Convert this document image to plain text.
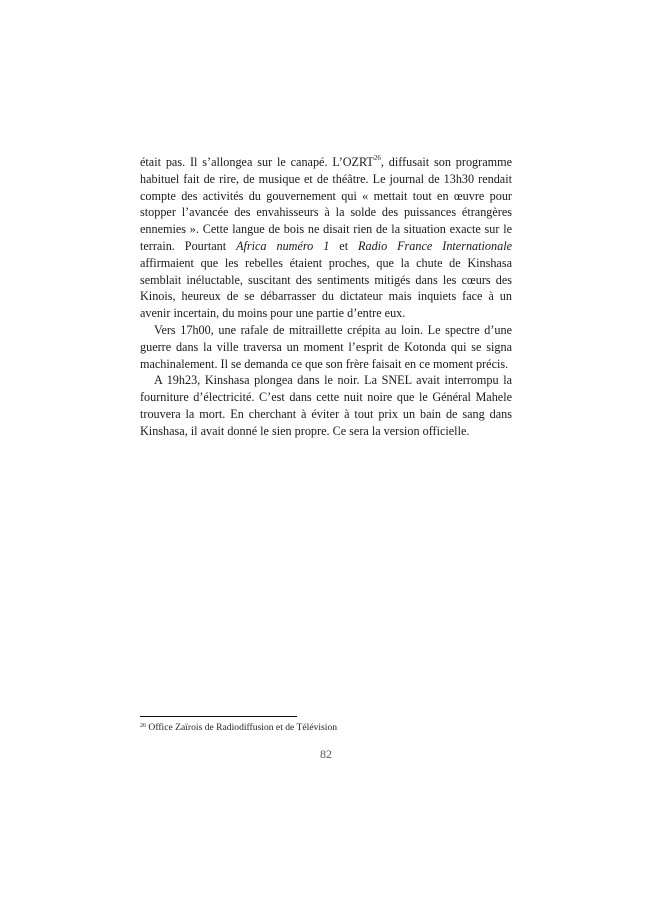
était pas. Il s’allongea sur le canapé. L’OZRT$^{26}$, diffusait son programme habituel fait de rire, de musique et de théâtre. Le journal de 13h30 rendait compte des activités du gouvernement qui « mettait tout en œuvre pour stopper l’avancée des envahisseurs à la solde des puissances étrangères ennemies ». Cette langue de bois ne disait rien de la situation exacte sur le terrain. Pourtant Africa numéro 1 et Radio France Internationale affirmaient que les rebelles étaient proches, que la chute de Kinshasa semblait inéluctable, suscitant des sentiments mitigés dans les cœurs des Kinois, heureux de se débarrasser du dictateur mais inquiets face à un avenir incertain, du moins pour une partie d’entre eux.

Vers 17h00, une rafale de mitraillette crépita au loin. Le spectre d’une guerre dans la ville traversa un moment l’esprit de Kotonda qui se signa machinalement. Il se demanda ce que son frère faisait en ce moment précis.

A 19h23, Kinshasa plongea dans le noir. La SNEL avait interrompu la fourniture d’électricité. C’est dans cette nuit noire que le Général Mahele trouvera la mort. En cherchant à éviter à tout prix un bain de sang dans Kinshasa, il avait donné le sien propre. Ce sera la version officielle.

$^{26}$ Office Zaïrois de Radiodiffusion et de Télévision
82
